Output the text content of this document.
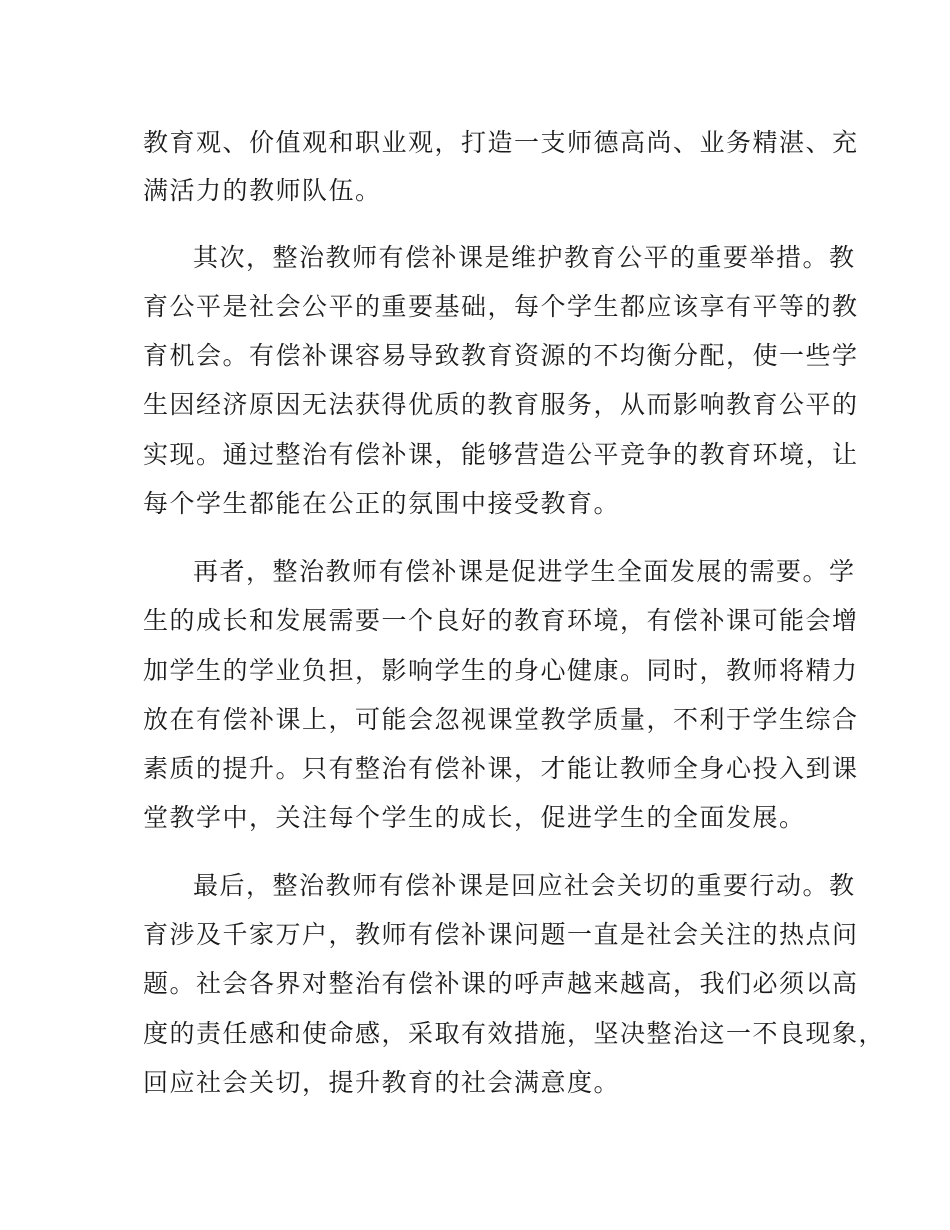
教育观、价值观和职业观，打造一支师德高尚、业务精湛、充

满活力的教师队伍。

其次，整治教师有偿补课是维护教育公平的重要举措。教

育公平是社会公平的重要基础，每个学生都应该享有平等的教

育机会。有偿补课容易导致教育资源的不均衡分配，使一些学

生因经济原因无法获得优质的教育服务，从而影响教育公平的

实现。通过整治有偿补课，能够营造公平竞争的教育环境，让

每个学生都能在公正的氛围中接受教育。

再者，整治教师有偿补课是促进学生全面发展的需要。学

生的成长和发展需要一个良好的教育环境，有偿补课可能会增

加学生的学业负担，影响学生的身心健康。同时，教师将精力

放在有偿补课上，可能会忽视课堂教学质量，不利于学生综合

素质的提升。只有整治有偿补课，才能让教师全身心投入到课

堂教学中，关注每个学生的成长，促进学生的全面发展。

最后，整治教师有偿补课是回应社会关切的重要行动。教

育涉及千家万户，教师有偿补课问题一直是社会关注的热点问

题。社会各界对整治有偿补课的呼声越来越高，我们必须以高

度的责任感和使命感，采取有效措施，坚决整治这一不良现象，

回应社会关切，提升教育的社会满意度。
